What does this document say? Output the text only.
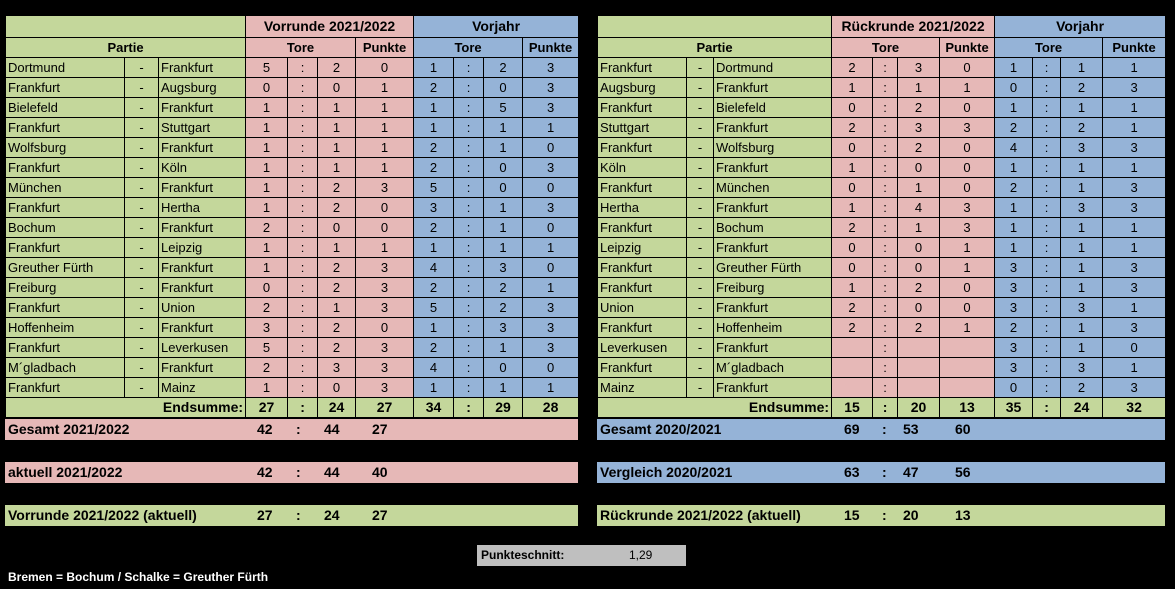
			Vorrunde 2021/2022				Vorjahr			
Partie			Tore			Punkte	Tore			Punkte
Dortmund	-	Frankfurt	5	:	2	0	1	:	2	3
Frankfurt	-	Augsburg	0	:	0	1	2	:	0	3
Bielefeld	-	Frankfurt	1	:	1	1	1	:	5	3
Frankfurt	-	Stuttgart	1	:	1	1	1	:	1	1
Wolfsburg	-	Frankfurt	1	:	1	1	2	:	1	0
Frankfurt	-	Köln	1	:	1	1	2	:	0	3
München	-	Frankfurt	1	:	2	3	5	:	0	0
Frankfurt	-	Hertha	1	:	2	0	3	:	1	3
Bochum	-	Frankfurt	2	:	0	0	2	:	1	0
Frankfurt	-	Leipzig	1	:	1	1	1	:	1	1
Greuther Fürth	-	Frankfurt	1	:	2	3	4	:	3	0
Freiburg	-	Frankfurt	0	:	2	3	2	:	2	1
Frankfurt	-	Union	2	:	1	3	5	:	2	3
Hoffenheim	-	Frankfurt	3	:	2	0	1	:	3	3
Frankfurt	-	Leverkusen	5	:	2	3	2	:	1	3
M´gladbach	-	Frankfurt	2	:	3	3	4	:	0	0
Frankfurt	-	Mainz	1	:	0	3	1	:	1	1
Endsumme:			27	:	24	27	34	:	29	28
			Rückrunde 2021/2022				Vorjahr			
Partie			Tore			Punkte	Tore			Punkte
Frankfurt	-	Dortmund	2	:	3	0	1	:	1	1
Augsburg	-	Frankfurt	1	:	1	1	0	:	2	3
Frankfurt	-	Bielefeld	0	:	2	0	1	:	1	1
Stuttgart	-	Frankfurt	2	:	3	3	2	:	2	1
Frankfurt	-	Wolfsburg	0	:	2	0	4	:	3	3
Köln	-	Frankfurt	1	:	0	0	1	:	1	1
Frankfurt	-	München	0	:	1	0	2	:	1	3
Hertha	-	Frankfurt	1	:	4	3	1	:	3	3
Frankfurt	-	Bochum	2	:	1	3	1	:	1	1
Leipzig	-	Frankfurt	0	:	0	1	1	:	1	1
Frankfurt	-	Greuther Fürth	0	:	0	1	3	:	1	3
Frankfurt	-	Freiburg	1	:	2	0	3	:	1	3
Union	-	Frankfurt	2	:	0	0	3	:	3	1
Frankfurt	-	Hoffenheim	2	:	2	1	2	:	1	3
Leverkusen	-	Frankfurt		:			3	:	1	0
Frankfurt	-	M´gladbach		:			3	:	3	1
Mainz	-	Frankfurt		:			0	:	2	3
Endsumme:			15	:	20	13	35	:	24	32
Gesamt 2021/2022	42 : 44 27	Gesamt 2020/2021	69 : 53	60
aktuell 2021/2022	42 : 44 40	Vergleich 2020/2021	63 : 47	56
Vorrunde 2021/2022 (aktuell)	27 : 24 27	Rückrunde 2021/2022 (aktuell)	15 : 20	13
Punkteschnitt:	1,29
Bremen = Bochum / Schalke = Greuther Fürth
